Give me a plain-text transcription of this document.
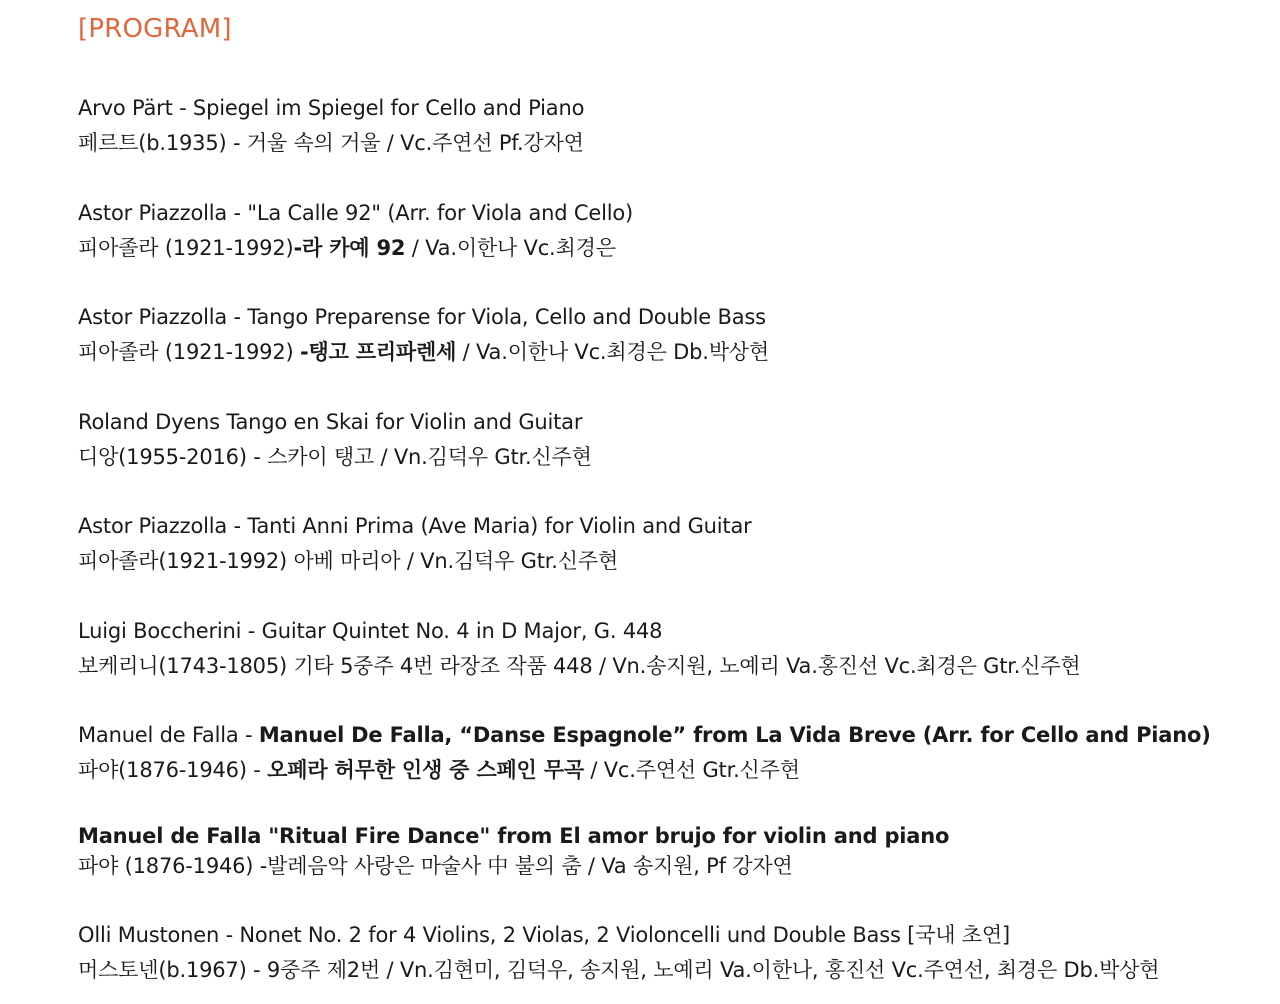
[PROGRAM]
Arvo Pärt - Spiegel im Spiegel for Cello and Piano
페르트(b.1935) - 거울 속의 거울 / Vc.주연선 Pf.강자연
Astor Piazzolla - "La Calle 92" (Arr. for Viola and Cello)
피아졸라 (1921-1992)-라 카예 92 / Va.이한나 Vc.최경은
Astor Piazzolla - Tango Preparense for Viola, Cello and Double Bass
피아졸라 (1921-1992) -탱고 프리파렌세 / Va.이한나 Vc.최경은 Db.박상현
Roland Dyens Tango en Skai for Violin and Guitar
디앙(1955-2016) - 스카이 탱고 / Vn.김덕우 Gtr.신주현
Astor Piazzolla - Tanti Anni Prima (Ave Maria) for Violin and Guitar
피아졸라(1921-1992) 아베 마리아 / Vn.김덕우 Gtr.신주현
Luigi Boccherini - Guitar Quintet No. 4 in D Major, G. 448
보케리니(1743-1805) 기타 5중주 4번 라장조 작품 448 / Vn.송지원, 노예리 Va.홍진선 Vc.최경은 Gtr.신주현
Manuel de Falla - Manuel De Falla, “Danse Espagnole” from La Vida Breve (Arr. for Cello and Piano)
파야(1876-1946) - 오페라 허무한 인생 중 스페인 무곡 / Vc.주연선 Gtr.신주현
Manuel de Falla "Ritual Fire Dance" from El amor brujo for violin and piano
파야 (1876-1946) -발레음악 사랑은 마술사 中 불의 춤 / Va 송지원, Pf 강자연
Olli Mustonen - Nonet No. 2 for 4 Violins, 2 Violas, 2 Violoncelli und Double Bass [국내 초연]
머스토넨(b.1967) - 9중주 제2번 / Vn.김현미, 김덕우, 송지원, 노예리 Va.이한나, 홍진선 Vc.주연선, 최경은 Db.박상현
